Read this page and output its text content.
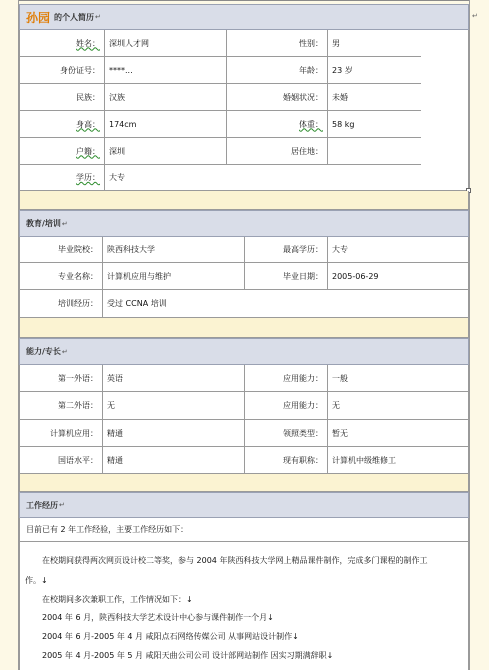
孙园 的个人简历 ↵	↵
姓名：	深圳人才网	性别：	男
身份证号：	****...	年龄：	23 岁
民族：	汉族	婚姻状况：	未婚
身高：	174cm	体重：	58 kg
户籍：	深圳	居住地：
学历：	大专
教育/培训 ↵
毕业院校：	陕西科技大学	最高学历：	大专
专业名称：	计算机应用与维护	毕业日期：	2005-06-29
培训经历：	受过 CCNA 培训
能力/专长 ↵
第一外语：	英语	应用能力：	一般
第二外语：	无	应用能力：	无
计算机应用：	精通	领照类型：	暂无
国语水平：	精通	现有职称：	计算机中级维修工
工作经历 ↵
目前已有 2 年工作经验，主要工作经历如下：
在校期间获得两次网页设计校二等奖，参与 2004 年陕西科技大学网上精品课件制作，完成多门课程的制作工
作。↓
在校期间多次兼职工作，工作情况如下：↓
2004 年 6 月，陕西科技大学艺术设计中心参与课件制作一个月↓
2004 年 6 月-2005 年 4 月 咸阳点石网络传媒公司 从事网站设计制作↓
2005 年 4 月-2005 年 5 月 咸阳天曲公司公司 设计部网站制作 因实习期满辞职↓
